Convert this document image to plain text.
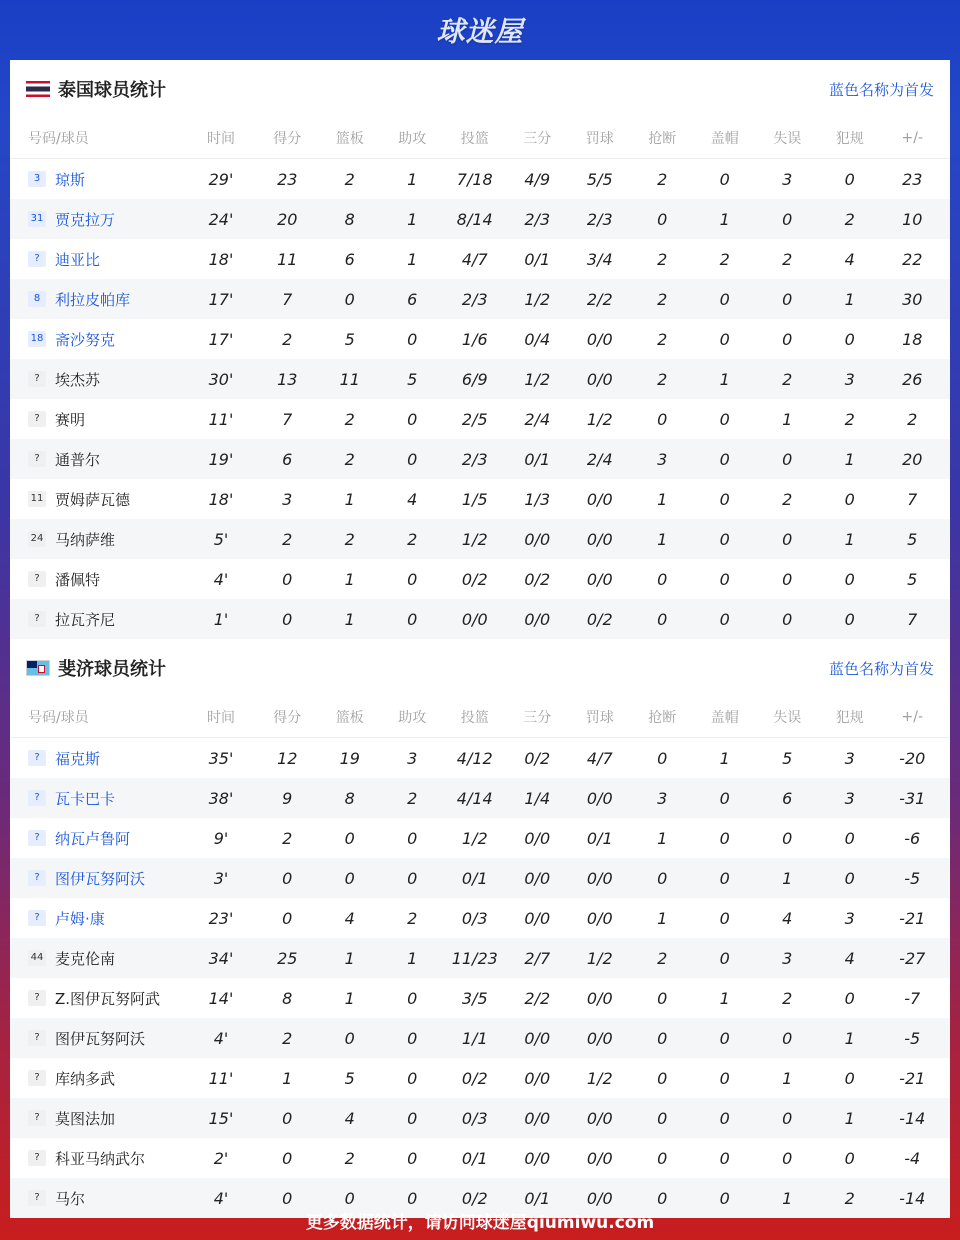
球迷屋
泰国球员统计	蓝色名称为首发
号码/球员	时间	得分	篮板	助攻	投篮	三分	罚球	抢断	盖帽	失误	犯规	+/-
3 琼斯	29'	23	2	1	7/18	4/9	5/5	2	0	3	0	23
31 贾克拉万	24'	20	8	1	8/14	2/3	2/3	0	1	0	2	10
?	迪亚比	18'	11	6	1	4/7	0/1	3/4	2	2	2	4	22
8 利拉皮帕库	17'	7	0	6	2/3	1/2	2/2	2	0	0	1	30
18 斋沙努克	17'	2	5	0	1/6	0/4	0/0	2	0	0	0	18
?	埃杰苏	30'	13	11	5	6/9	1/2	0/0	2	1	2	3	26
?	赛明	11'	7	2	0	2/5	2/4	1/2	0	0	1	2	2
?	通普尔	19'	6	2	0	2/3	0/1	2/4	3	0	0	1	20
11 贾姆萨瓦德	18'	3	1	4	1/5	1/3	0/0	1	0	2	0	7
24 马纳萨维	5'	2	2	2	1/2	0/0	0/0	1	0	0	1	5
?	潘佩特	4'	0	1	0	0/2	0/2	0/0	0	0	0	0	5
?	拉瓦齐尼	1'	0	1	0	0/0	0/0	0/2	0	0	0	0	7
斐济球员统计	蓝色名称为首发
号码/球员	时间	得分	篮板	助攻	投篮	三分	罚球	抢断	盖帽	失误	犯规	+/-
?	福克斯	35'	12	19	3	4/12	0/2	4/7	0	1	5	3	-20
?	瓦卡巴卡	38'	9	8	2	4/14	1/4	0/0	3	0	6	3	-31
?	纳瓦卢鲁阿	9'	2	0	0	1/2	0/0	0/1	1	0	0	0	-6
?	图伊瓦努阿沃	3'	0	0	0	0/1	0/0	0/0	0	0	1	0	-5
?	卢姆·康	23'	0	4	2	0/3	0/0	0/0	1	0	4	3	-21
44 麦克伦南	34'	25	1	1	11/23	2/7	1/2	2	0	3	4	-27
?	Z.图伊瓦努阿武	14'	8	1	0	3/5	2/2	0/0	0	1	2	0	-7
?	图伊瓦努阿沃	4'	2	0	0	1/1	0/0	0/0	0	0	0	1	-5
?	库纳多武	11'	1	5	0	0/2	0/0	1/2	0	0	1	0	-21
?	莫图法加	15'	0	4	0	0/3	0/0	0/0	0	0	0	1	-14
?	科亚马纳武尔	2'	0	2	0	0/1	0/0	0/0	0	0	0	0	-4
?	马尔	4'	0	0	0	0/2	0/1	0/0	0	0	1	2	-14
更多数据统计，请访问球迷屋qiumiwu.com
